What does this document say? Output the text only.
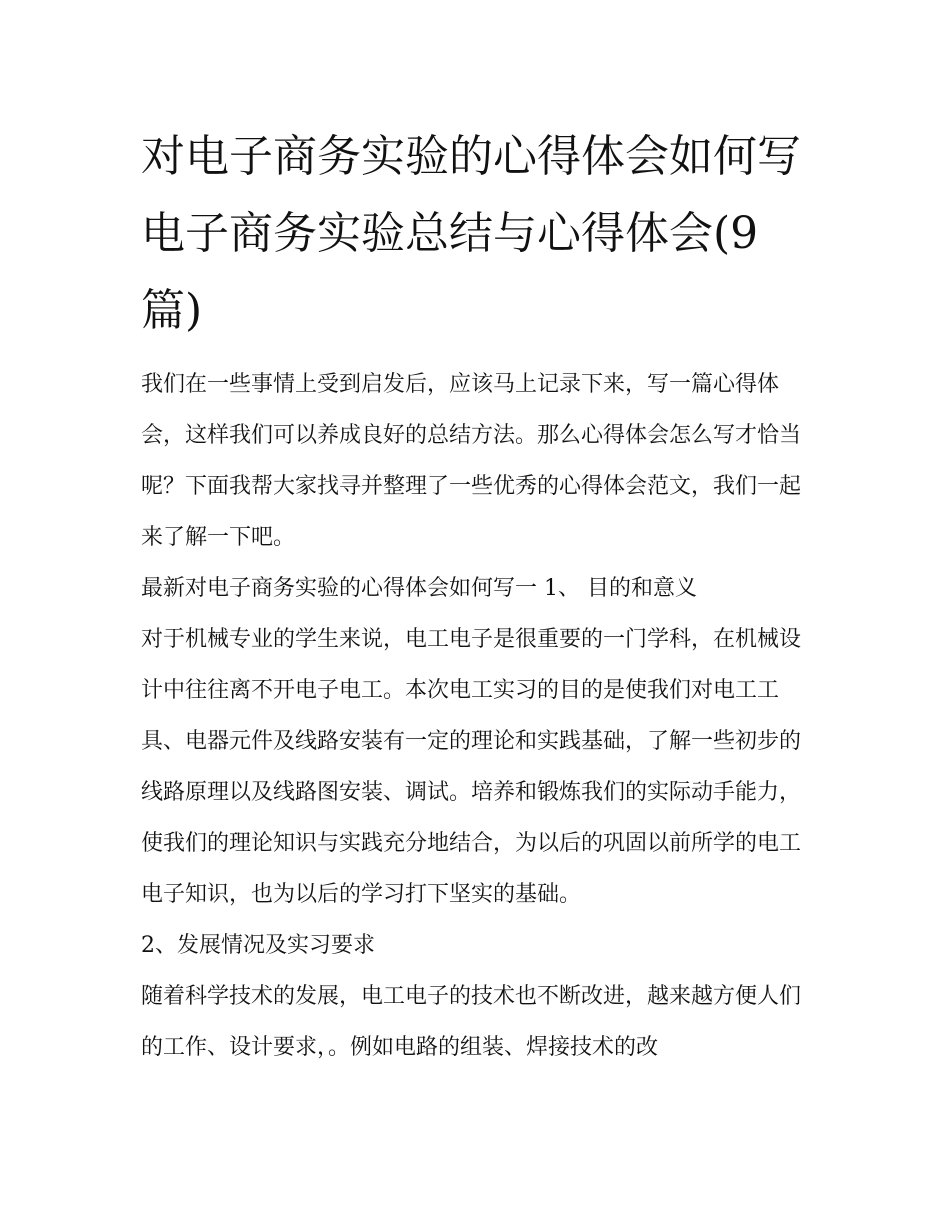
对电子商务实验的心得体会如何写 电子商务实验总结与心得体会(9篇)

我们在一些事情上受到启发后，应该马上记录下来，写一篇心得体会，这样我们可以养成良好的总结方法。那么心得体会怎么写才恰当呢？下面我帮大家找寻并整理了一些优秀的心得体会范文，我们一起来了解一下吧。

最新对电子商务实验的心得体会如何写一 1、 目的和意义

对于机械专业的学生来说，电工电子是很重要的一门学科，在机械设计中往往离不开电子电工。本次电工实习的目的是使我们对电工工具、电器元件及线路安装有一定的理论和实践基础，了解一些初步的线路原理以及线路图安装、调试。培养和锻炼我们的实际动手能力，使我们的理论知识与实践充分地结合，为以后的巩固以前所学的电工电子知识，也为以后的学习打下坚实的基础。

2、发展情况及实习要求

随着科学技术的发展，电工电子的技术也不断改进，越来越方便人们的工作、设计要求，。例如电路的组装、焊接技术的改
